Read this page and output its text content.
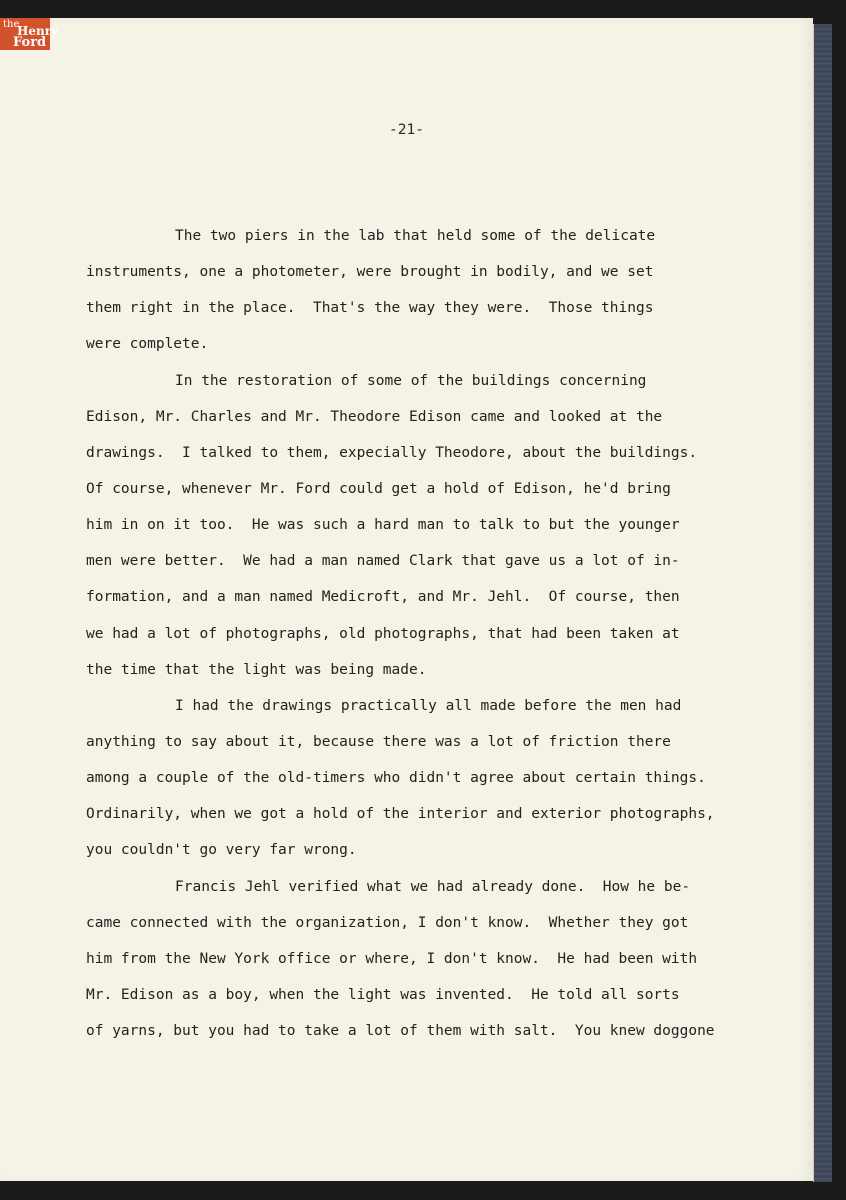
-21-
The two piers in the lab that held some of the delicate
instruments, one a photometer, were brought in bodily, and we set
them right in the place.  That's the way they were.  Those things
were complete.
In the restoration of some of the buildings concerning
Edison, Mr. Charles and Mr. Theodore Edison came and looked at the
drawings.  I talked to them, expecially Theodore, about the buildings.
Of course, whenever Mr. Ford could get a hold of Edison, he'd bring
him in on it too.  He was such a hard man to talk to but the younger
men were better.  We had a man named Clark that gave us a lot of in-
formation, and a man named Medicroft, and Mr. Jehl.  Of course, then
we had a lot of photographs, old photographs, that had been taken at
the time that the light was being made.
I had the drawings practically all made before the men had
anything to say about it, because there was a lot of friction there
among a couple of the old-timers who didn't agree about certain things.
Ordinarily, when we got a hold of the interior and exterior photographs,
you couldn't go very far wrong.
Francis Jehl verified what we had already done.  How he be-
came connected with the organization, I don't know.  Whether they got
him from the New York office or where, I don't know.  He had been with
Mr. Edison as a boy, when the light was invented.  He told all sorts
of yarns, but you had to take a lot of them with salt.  You knew doggone
the
Henry
Ford
